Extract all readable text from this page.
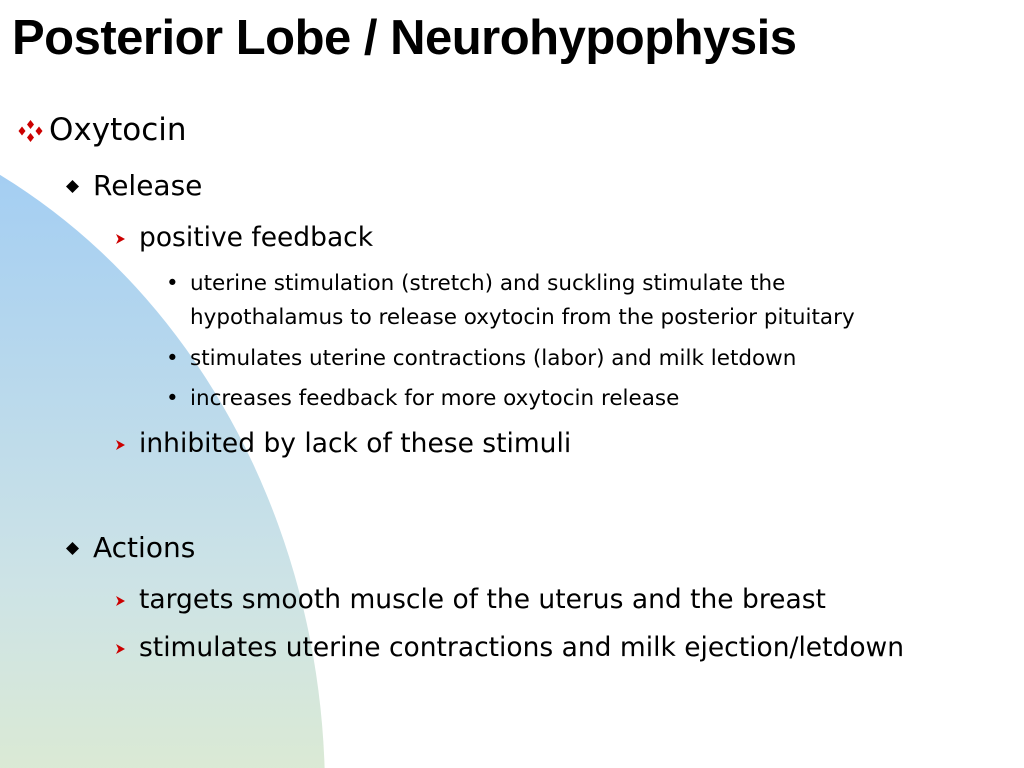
Posterior Lobe / Neurohypophysis
Oxytocin
Release
positive feedback
• uterine stimulation (stretch) and suckling stimulate the
hypothalamus to release oxytocin from the posterior pituitary
• stimulates uterine contractions (labor) and milk letdown
• increases feedback for more oxytocin release
inhibited by lack of these stimuli
Actions
targets smooth muscle of the uterus and the breast
stimulates uterine contractions and milk ejection/letdown
